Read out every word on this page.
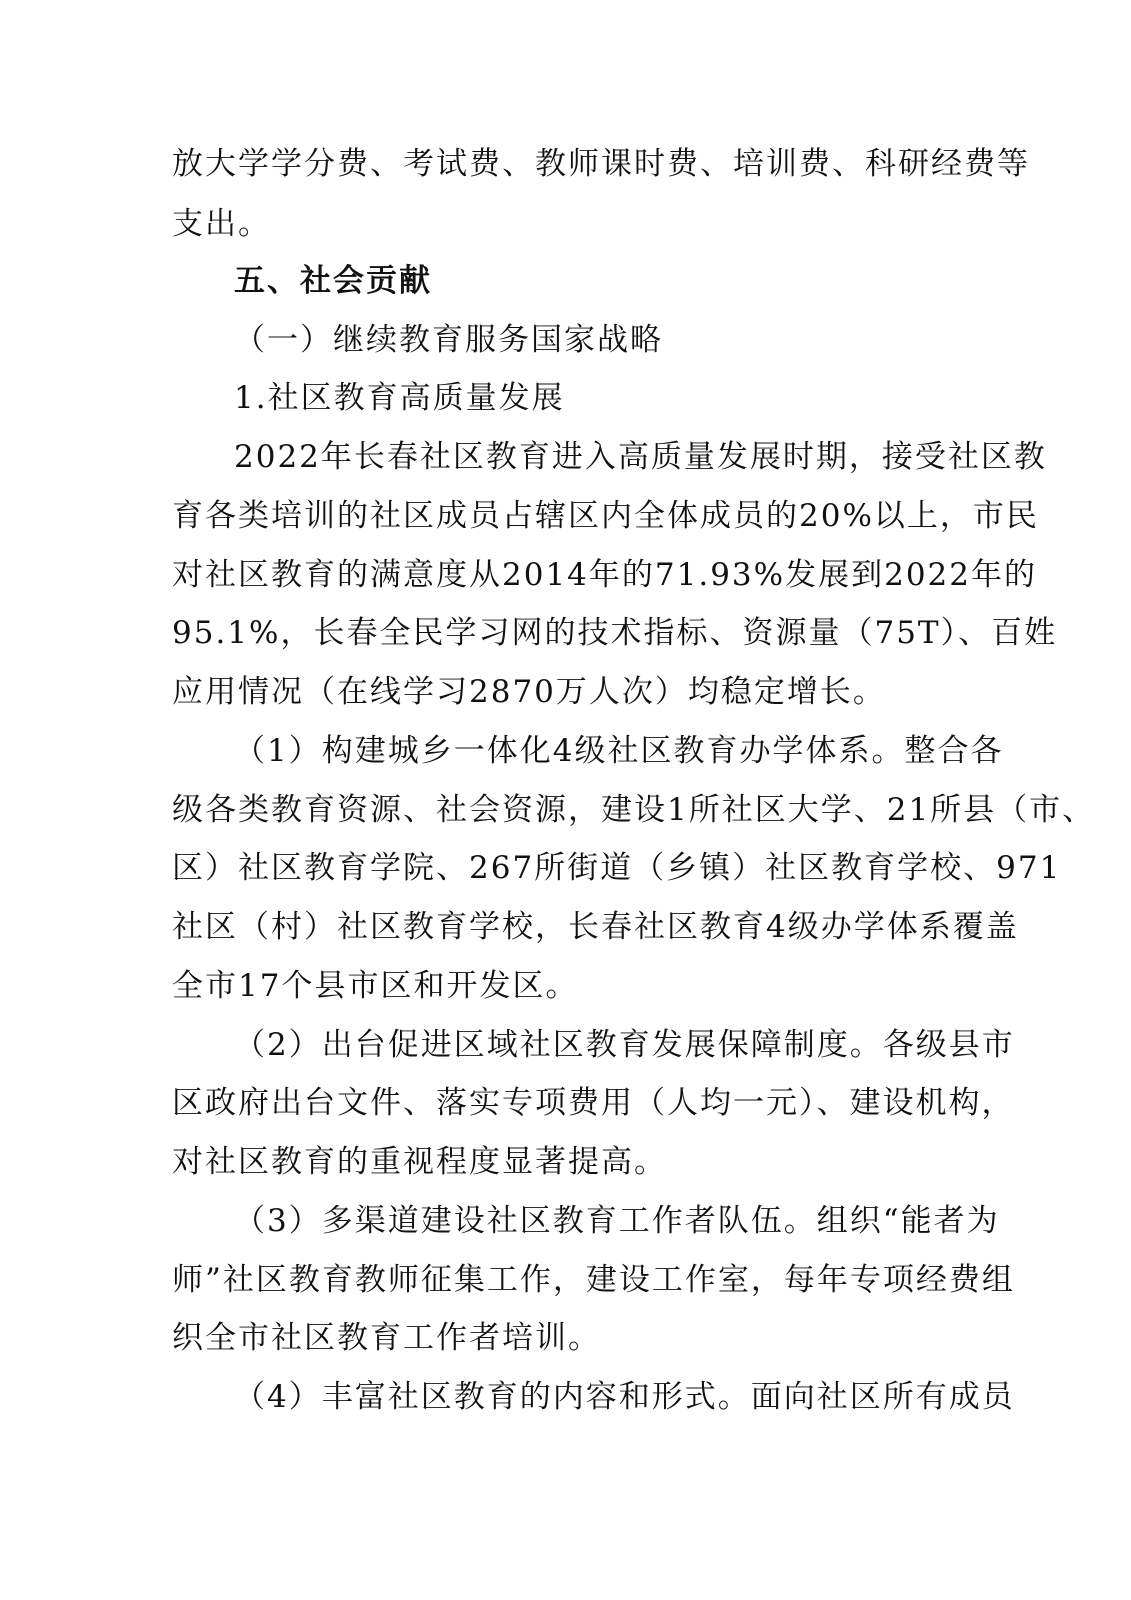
放大学学分费、考试费、教师课时费、培训费、科研经费等
支出。
五、社会贡献
（一）继续教育服务国家战略
1.社区教育高质量发展
2022年长春社区教育进入高质量发展时期，接受社区教
育各类培训的社区成员占辖区内全体成员的20%以上，市民
对社区教育的满意度从2014年的71.93%发展到2022年的
95.1%，长春全民学习网的技术指标、资源量（75T）、百姓
应用情况（在线学习2870万人次）均稳定增长。
（1）构建城乡一体化4级社区教育办学体系。整合各
级各类教育资源、社会资源，建设1所社区大学、21所县（市、
区）社区教育学院、267所街道（乡镇）社区教育学校、971
社区（村）社区教育学校，长春社区教育4级办学体系覆盖
全市17个县市区和开发区。
（2）出台促进区域社区教育发展保障制度。各级县市
区政府出台文件、落实专项费用（人均一元）、建设机构，
对社区教育的重视程度显著提高。
（3）多渠道建设社区教育工作者队伍。组织“能者为
师”社区教育教师征集工作，建设工作室，每年专项经费组
织全市社区教育工作者培训。
（4）丰富社区教育的内容和形式。面向社区所有成员
